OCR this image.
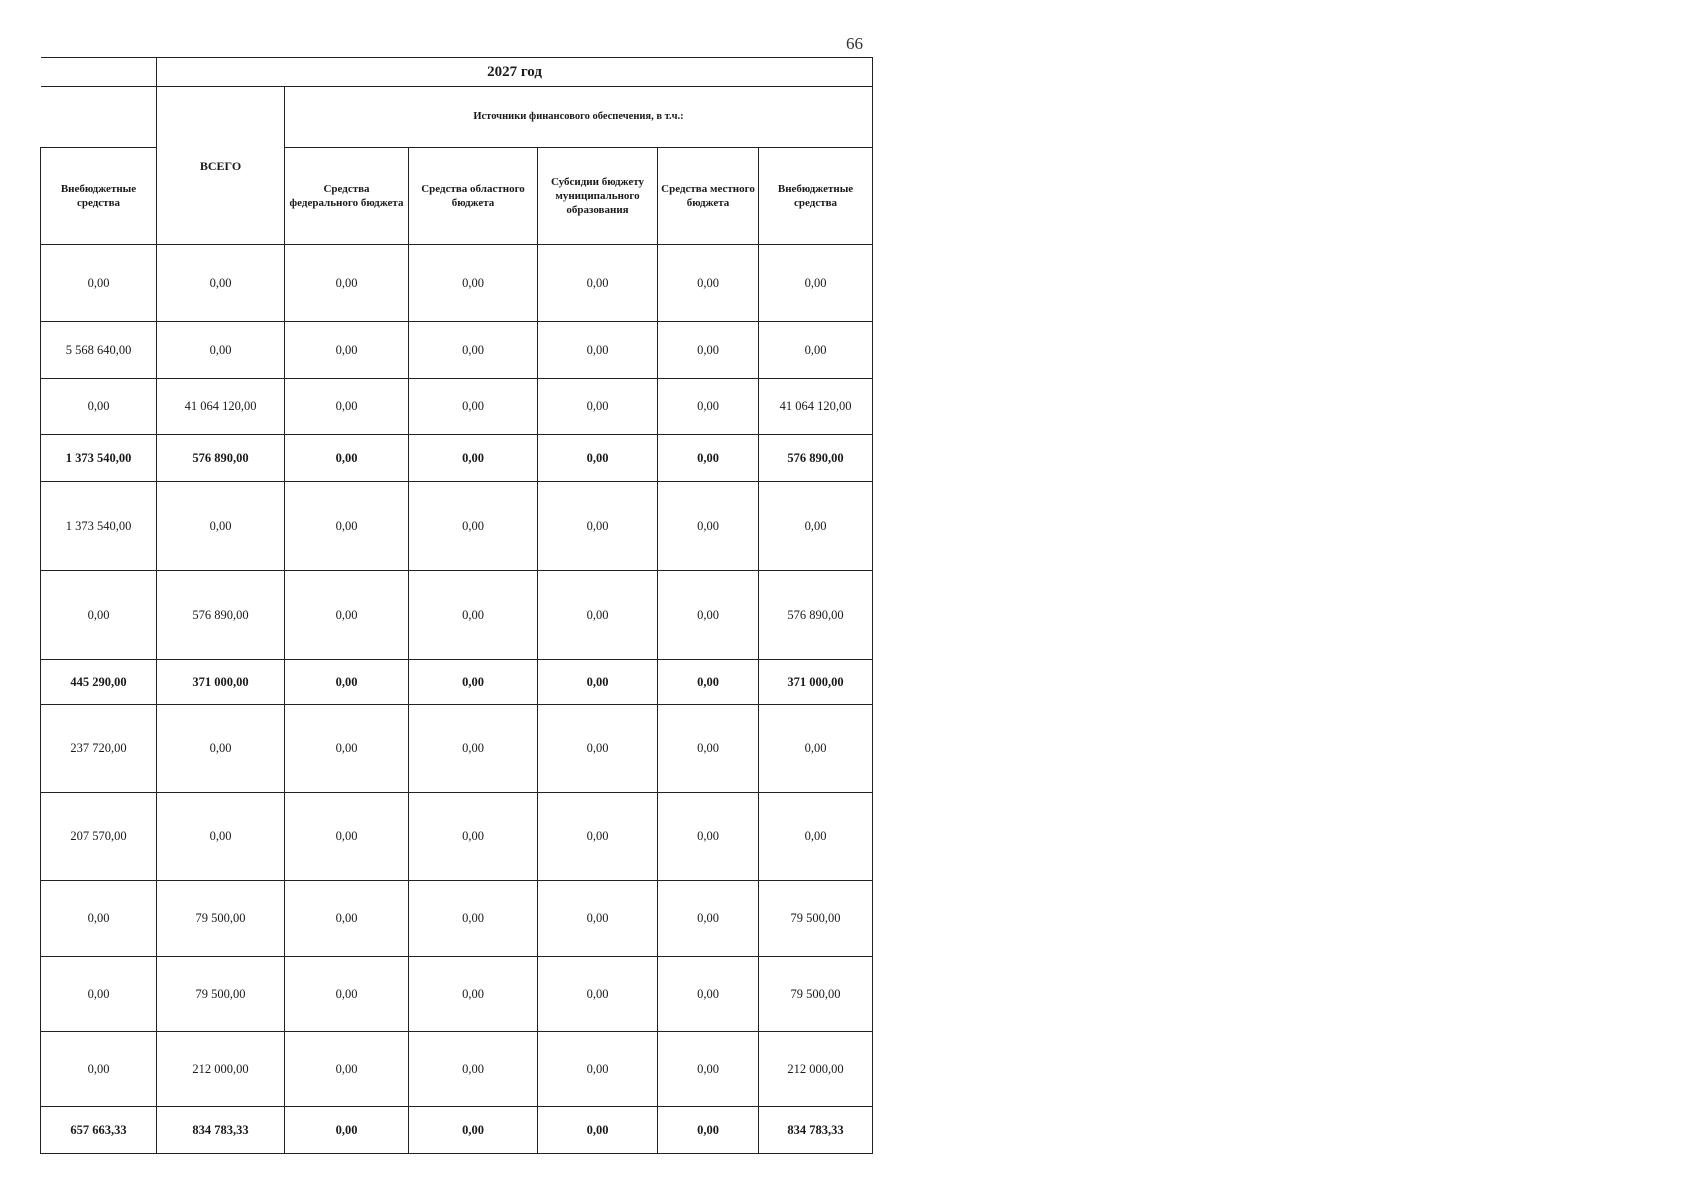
66
	2027 год					
	ВСЕГО	Источники финансового обеспечения, в т.ч.:				
Внебюджетные средства		Средства федерального бюджета	Средства областного бюджета	Субсидии бюджету муниципального образования	Средства местного бюджета	Внебюджетные средства
0,00	0,00	0,00	0,00	0,00	0,00	0,00
5 568 640,00	0,00	0,00	0,00	0,00	0,00	0,00
0,00	41 064 120,00	0,00	0,00	0,00	0,00	41 064 120,00
1 373 540,00	576 890,00	0,00	0,00	0,00	0,00	576 890,00
1 373 540,00	0,00	0,00	0,00	0,00	0,00	0,00
0,00	576 890,00	0,00	0,00	0,00	0,00	576 890,00
445 290,00	371 000,00	0,00	0,00	0,00	0,00	371 000,00
237 720,00	0,00	0,00	0,00	0,00	0,00	0,00
207 570,00	0,00	0,00	0,00	0,00	0,00	0,00
0,00	79 500,00	0,00	0,00	0,00	0,00	79 500,00
0,00	79 500,00	0,00	0,00	0,00	0,00	79 500,00
0,00	212 000,00	0,00	0,00	0,00	0,00	212 000,00
657 663,33	834 783,33	0,00	0,00	0,00	0,00	834 783,33
